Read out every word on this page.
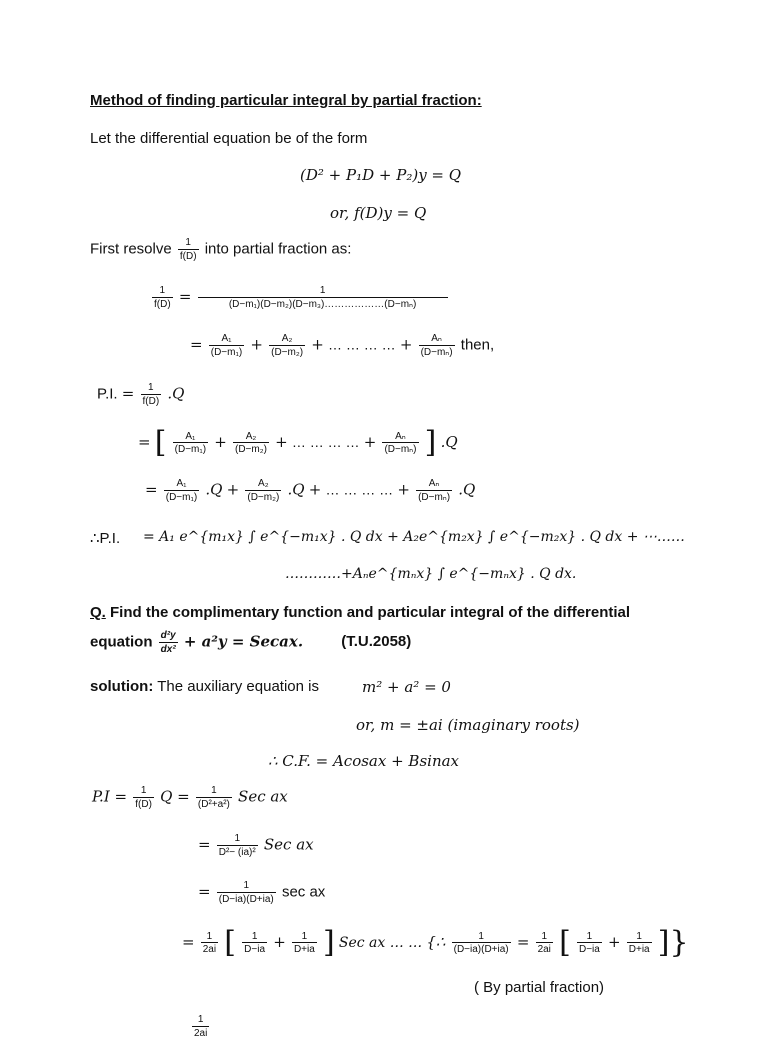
Method of finding particular integral by partial fraction:
Let the differential equation be of the form
(D² + P₁D + P₂)y = Q
or, f(D)y = Q
First resolve $\frac{1}{f(D)}$ into partial fraction as:
$\frac{1}{f(D)} = \frac{1}{\text{(D−m₁)(D−m₂)(D−m₃)………………(D−mₙ)}}$
= $\frac{\text{A₁}}{\text{(D−m₁)}} + \frac{\text{A₂}}{\text{(D−m₂)}}$ + … … … … + $\frac{\text{Aₙ}}{\text{(D−mₙ)}}$ then,
P.I. = $\frac{1}{f(D)} .Q$
= [ $\frac{\text{A₁}}{\text{(D−m₁)}} + \frac{\text{A₂}}{\text{(D−m₂)}}$ + … … … … + $\frac{\text{Aₙ}}{\text{(D−mₙ)}}$ ] .Q
= $\frac{\text{A₁}}{\text{(D−m₁)}} .Q + \frac{\text{A₂}}{\text{(D−m₂)}} .Q$ + … … … … + $\frac{\text{Aₙ}}{\text{(D−mₙ)}} .Q$
∴P.I. = A₁ e^{m₁x} ∫ e^{−m₁x} . Q dx + A₂e^{m₂x} ∫ e^{−m₂x} . Q dx + ⋯……
…………+Aₙe^{mₙx} ∫ e^{−mₙx} . Q dx.
Q. Find the complimentary function and particular integral of the differential
equation $\frac{\text{d²y}}{\text{dx²}} + a^2y$ = Secax.	(T.U.2058)
solution: The auxiliary equation is	m² + a² = 0
or, m = ±ai (imaginary roots)
∴ C.F. = Acosax + Bsinax
$P.I = \frac{1}{f(D)}$ $Q = \frac{1}{\text{(D²+a²)}}$ Sec ax
= $\frac{1}{\text{D²− (ia)²}}$ Sec ax
= $\frac{1}{(D-ia)(D+ia)}$ sec ax
= $\frac{1}{2ai}$ [ $\frac{1}{D-ia} + \frac{1}{D+ia}$ ] Sec ax … … {∴ $\frac{1}{(D-ia)(D+ia)} = \frac{1}{2ai}$ [ $\frac{1}{D-ia} + \frac{1}{D+ia}$ ]}
( By partial fraction)
$\frac{1}{2ai}$
